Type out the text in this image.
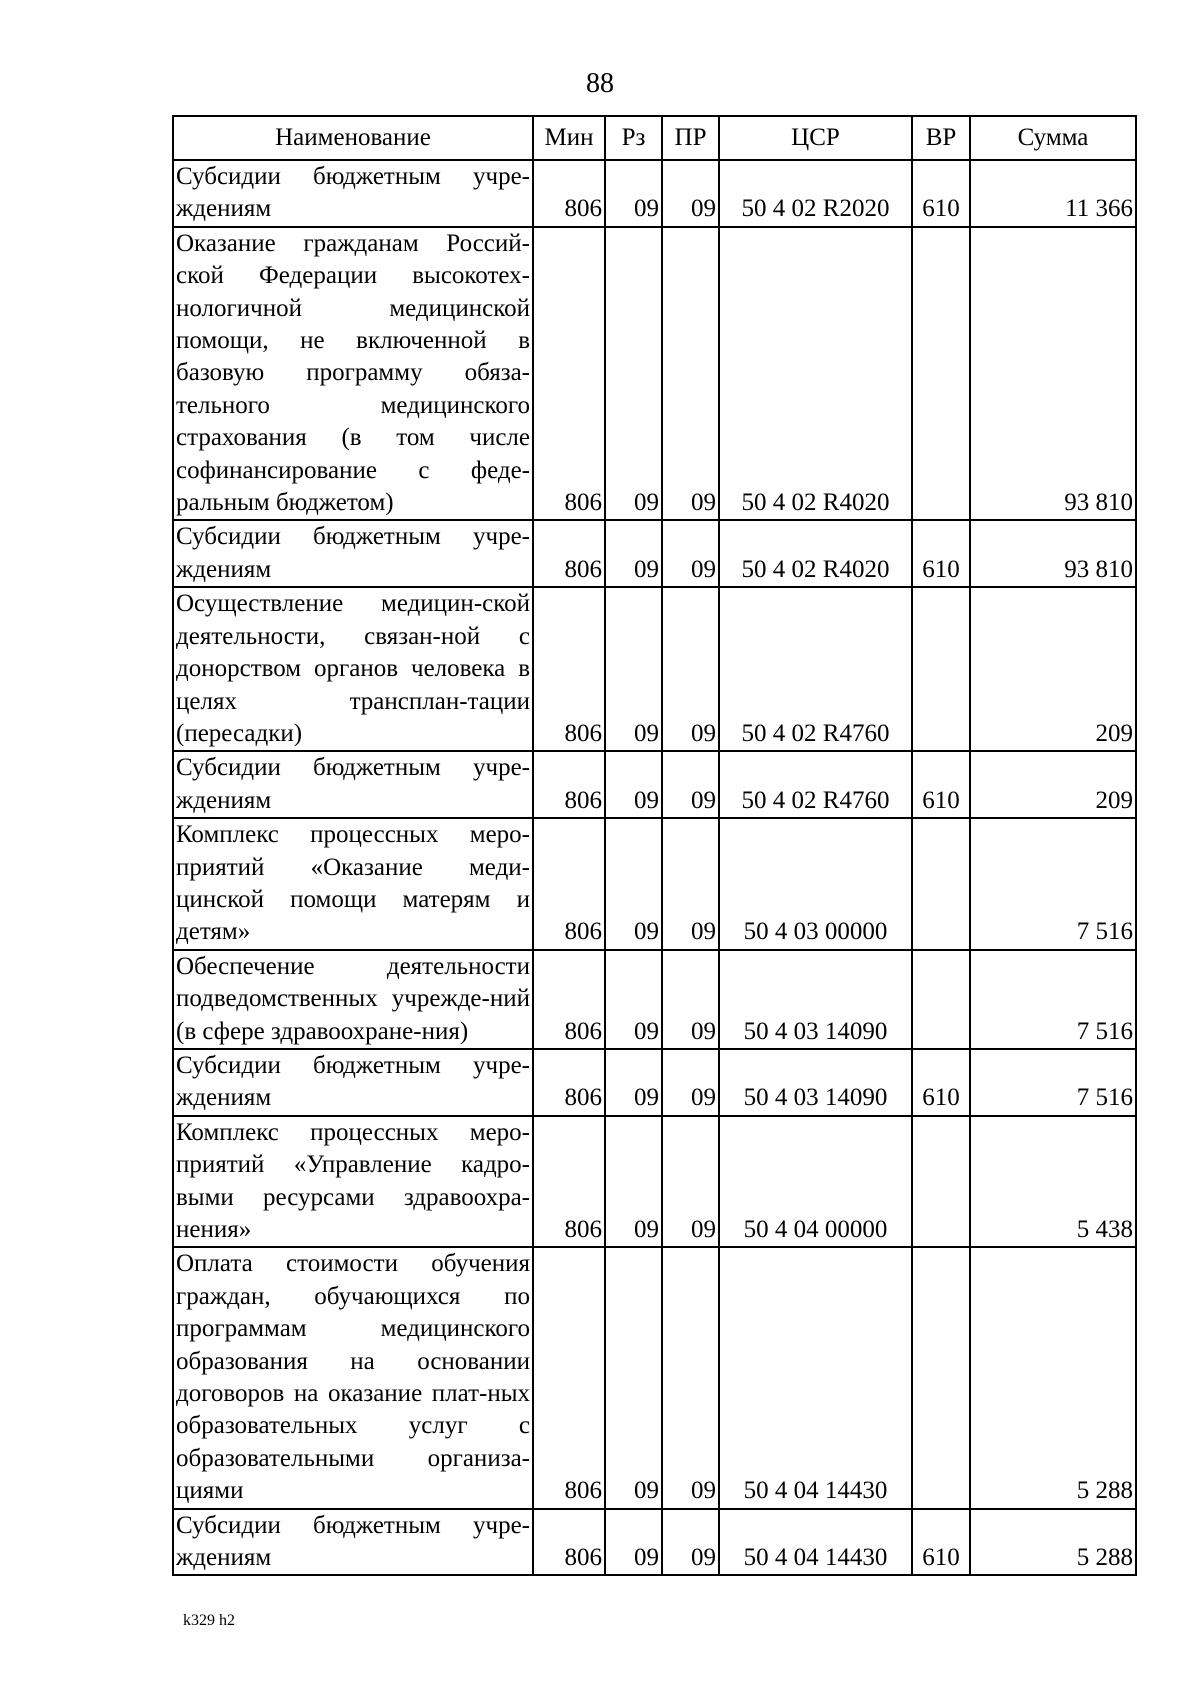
88
Наименование	Мин	Рз	ПР	ЦСР	ВР	Сумма
Субсидии бюджетным учре-ждениям	806	09	09	50 4 02 R2020	610	11 366
Оказание гражданам Россий-ской Федерации высокотех-нологичной медицинской помощи, не включенной в базовую программу обяза-тельного медицинского страхования (в том числе софинансирование с феде-ральным бюджетом)	806	09	09	50 4 02 R4020		93 810
Субсидии бюджетным учре-ждениям	806	09	09	50 4 02 R4020	610	93 810
Осуществление медицин-ской деятельности, связан-ной с донорством органов человека в целях трансплан-тации (пересадки)	806	09	09	50 4 02 R4760		209
Субсидии бюджетным учре-ждениям	806	09	09	50 4 02 R4760	610	209
Комплекс процессных меро-приятий «Оказание меди-цинской помощи матерям и детям»	806	09	09	50 4 03 00000		7 516
Обеспечение деятельности подведомственных учрежде-ний (в сфере здравоохране-ния)	806	09	09	50 4 03 14090		7 516
Субсидии бюджетным учре-ждениям	806	09	09	50 4 03 14090	610	7 516
Комплекс процессных меро-приятий «Управление кадро-выми ресурсами здравоохра-нения»	806	09	09	50 4 04 00000		5 438
Оплата стоимости обучения граждан, обучающихся по программам медицинского образования на основании договоров на оказание плат-ных образовательных услуг с образовательными организа-циями	806	09	09	50 4 04 14430		5 288
Субсидии бюджетным учре-ждениям	806	09	09	50 4 04 14430	610	5 288
k329 h2
